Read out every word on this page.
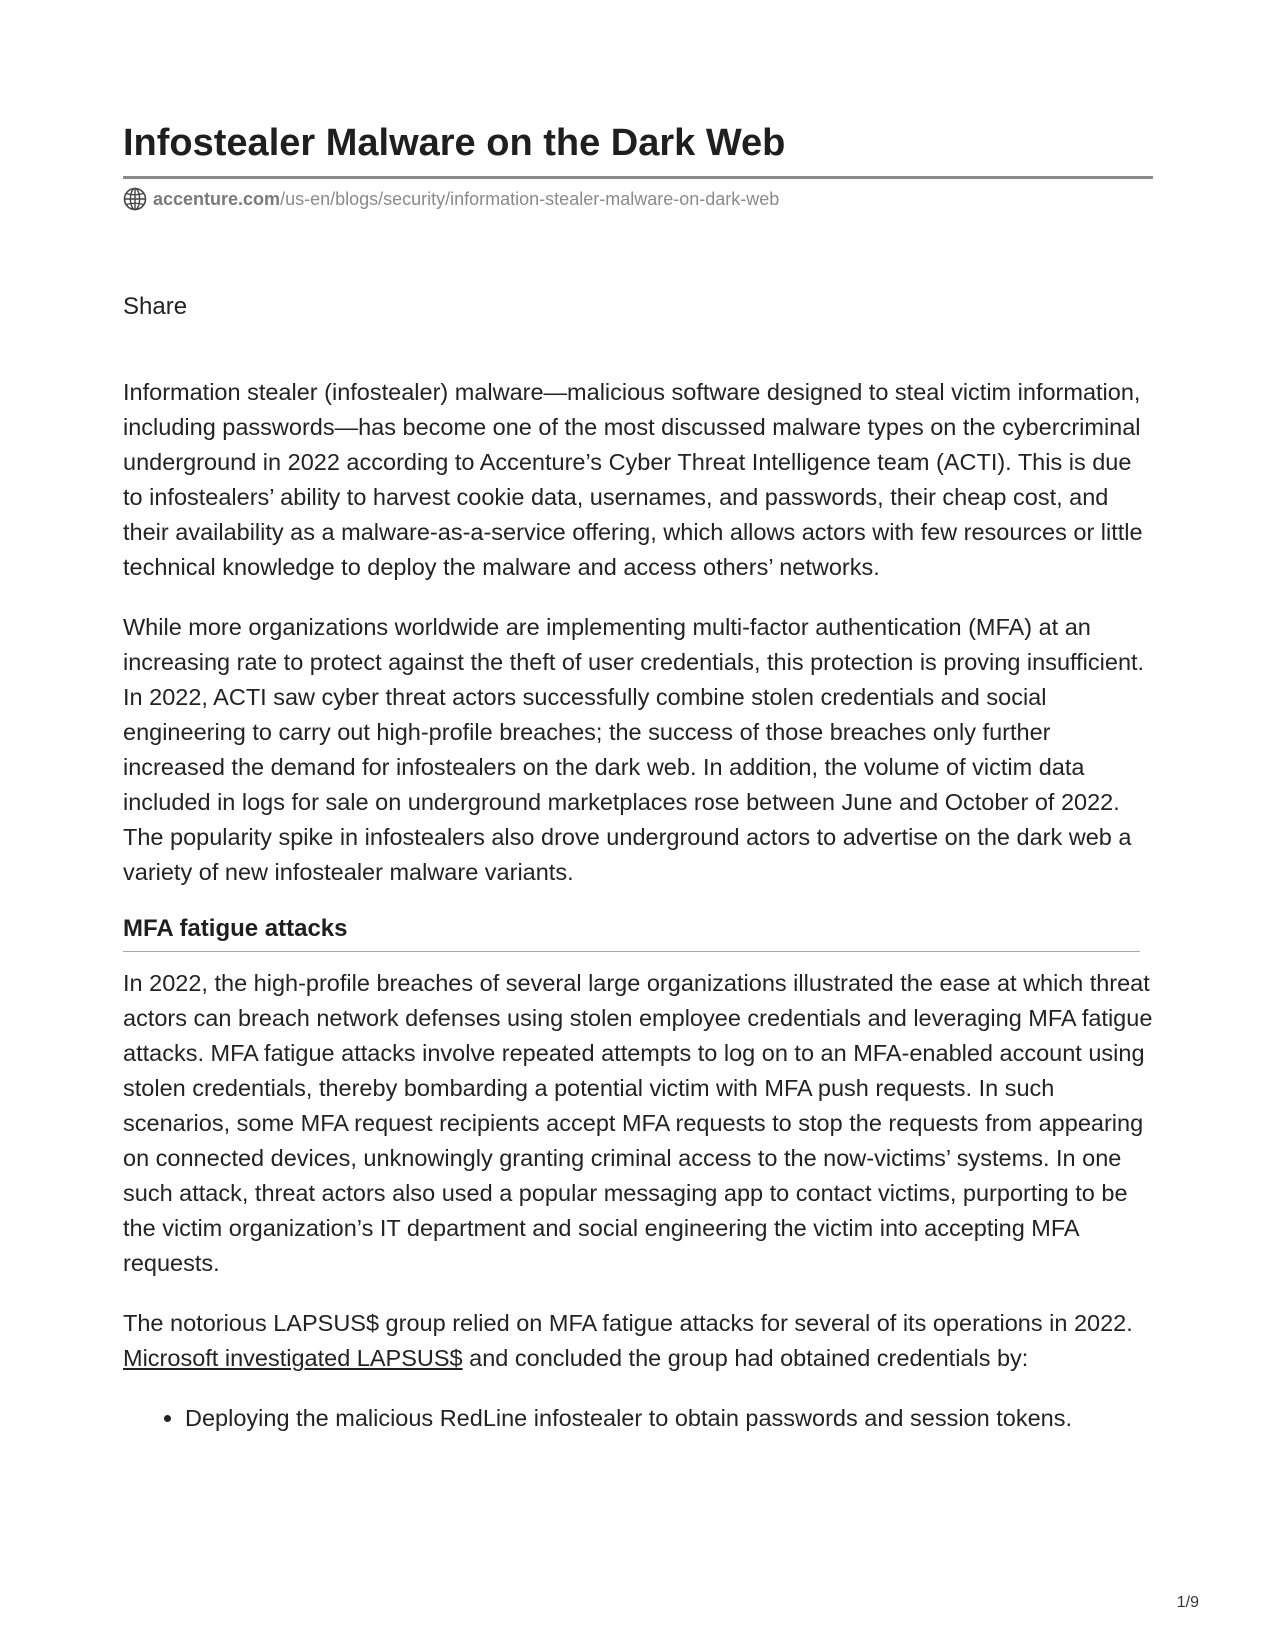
Infostealer Malware on the Dark Web
accenture.com /us-en/blogs/security/information-stealer-malware-on-dark-web
Share

Information stealer (infostealer) malware—malicious software designed to steal victim information, including passwords—has become one of the most discussed malware types on the cybercriminal underground in 2022 according to Accenture’s Cyber Threat Intelligence team (ACTI). This is due to infostealers’ ability to harvest cookie data, usernames, and passwords, their cheap cost, and their availability as a malware-as-a-service offering, which allows actors with few resources or little technical knowledge to deploy the malware and access others’ networks.

While more organizations worldwide are implementing multi-factor authentication (MFA) at an increasing rate to protect against the theft of user credentials, this protection is proving insufficient. In 2022, ACTI saw cyber threat actors successfully combine stolen credentials and social engineering to carry out high-profile breaches; the success of those breaches only further increased the demand for infostealers on the dark web. In addition, the volume of victim data included in logs for sale on underground marketplaces rose between June and October of 2022. The popularity spike in infostealers also drove underground actors to advertise on the dark web a variety of new infostealer malware variants.

MFA fatigue attacks

In 2022, the high-profile breaches of several large organizations illustrated the ease at which threat actors can breach network defenses using stolen employee credentials and leveraging MFA fatigue attacks. MFA fatigue attacks involve repeated attempts to log on to an MFA-enabled account using stolen credentials, thereby bombarding a potential victim with MFA push requests. In such scenarios, some MFA request recipients accept MFA requests to stop the requests from appearing on connected devices, unknowingly granting criminal access to the now-victims’ systems. In one such attack, threat actors also used a popular messaging app to contact victims, purporting to be the victim organization’s IT department and social engineering the victim into accepting MFA requests.

The notorious LAPSUS$ group relied on MFA fatigue attacks for several of its operations in 2022. Microsoft investigated LAPSUS$ and concluded the group had obtained credentials by:

• Deploying the malicious RedLine infostealer to obtain passwords and session tokens.
1/9
